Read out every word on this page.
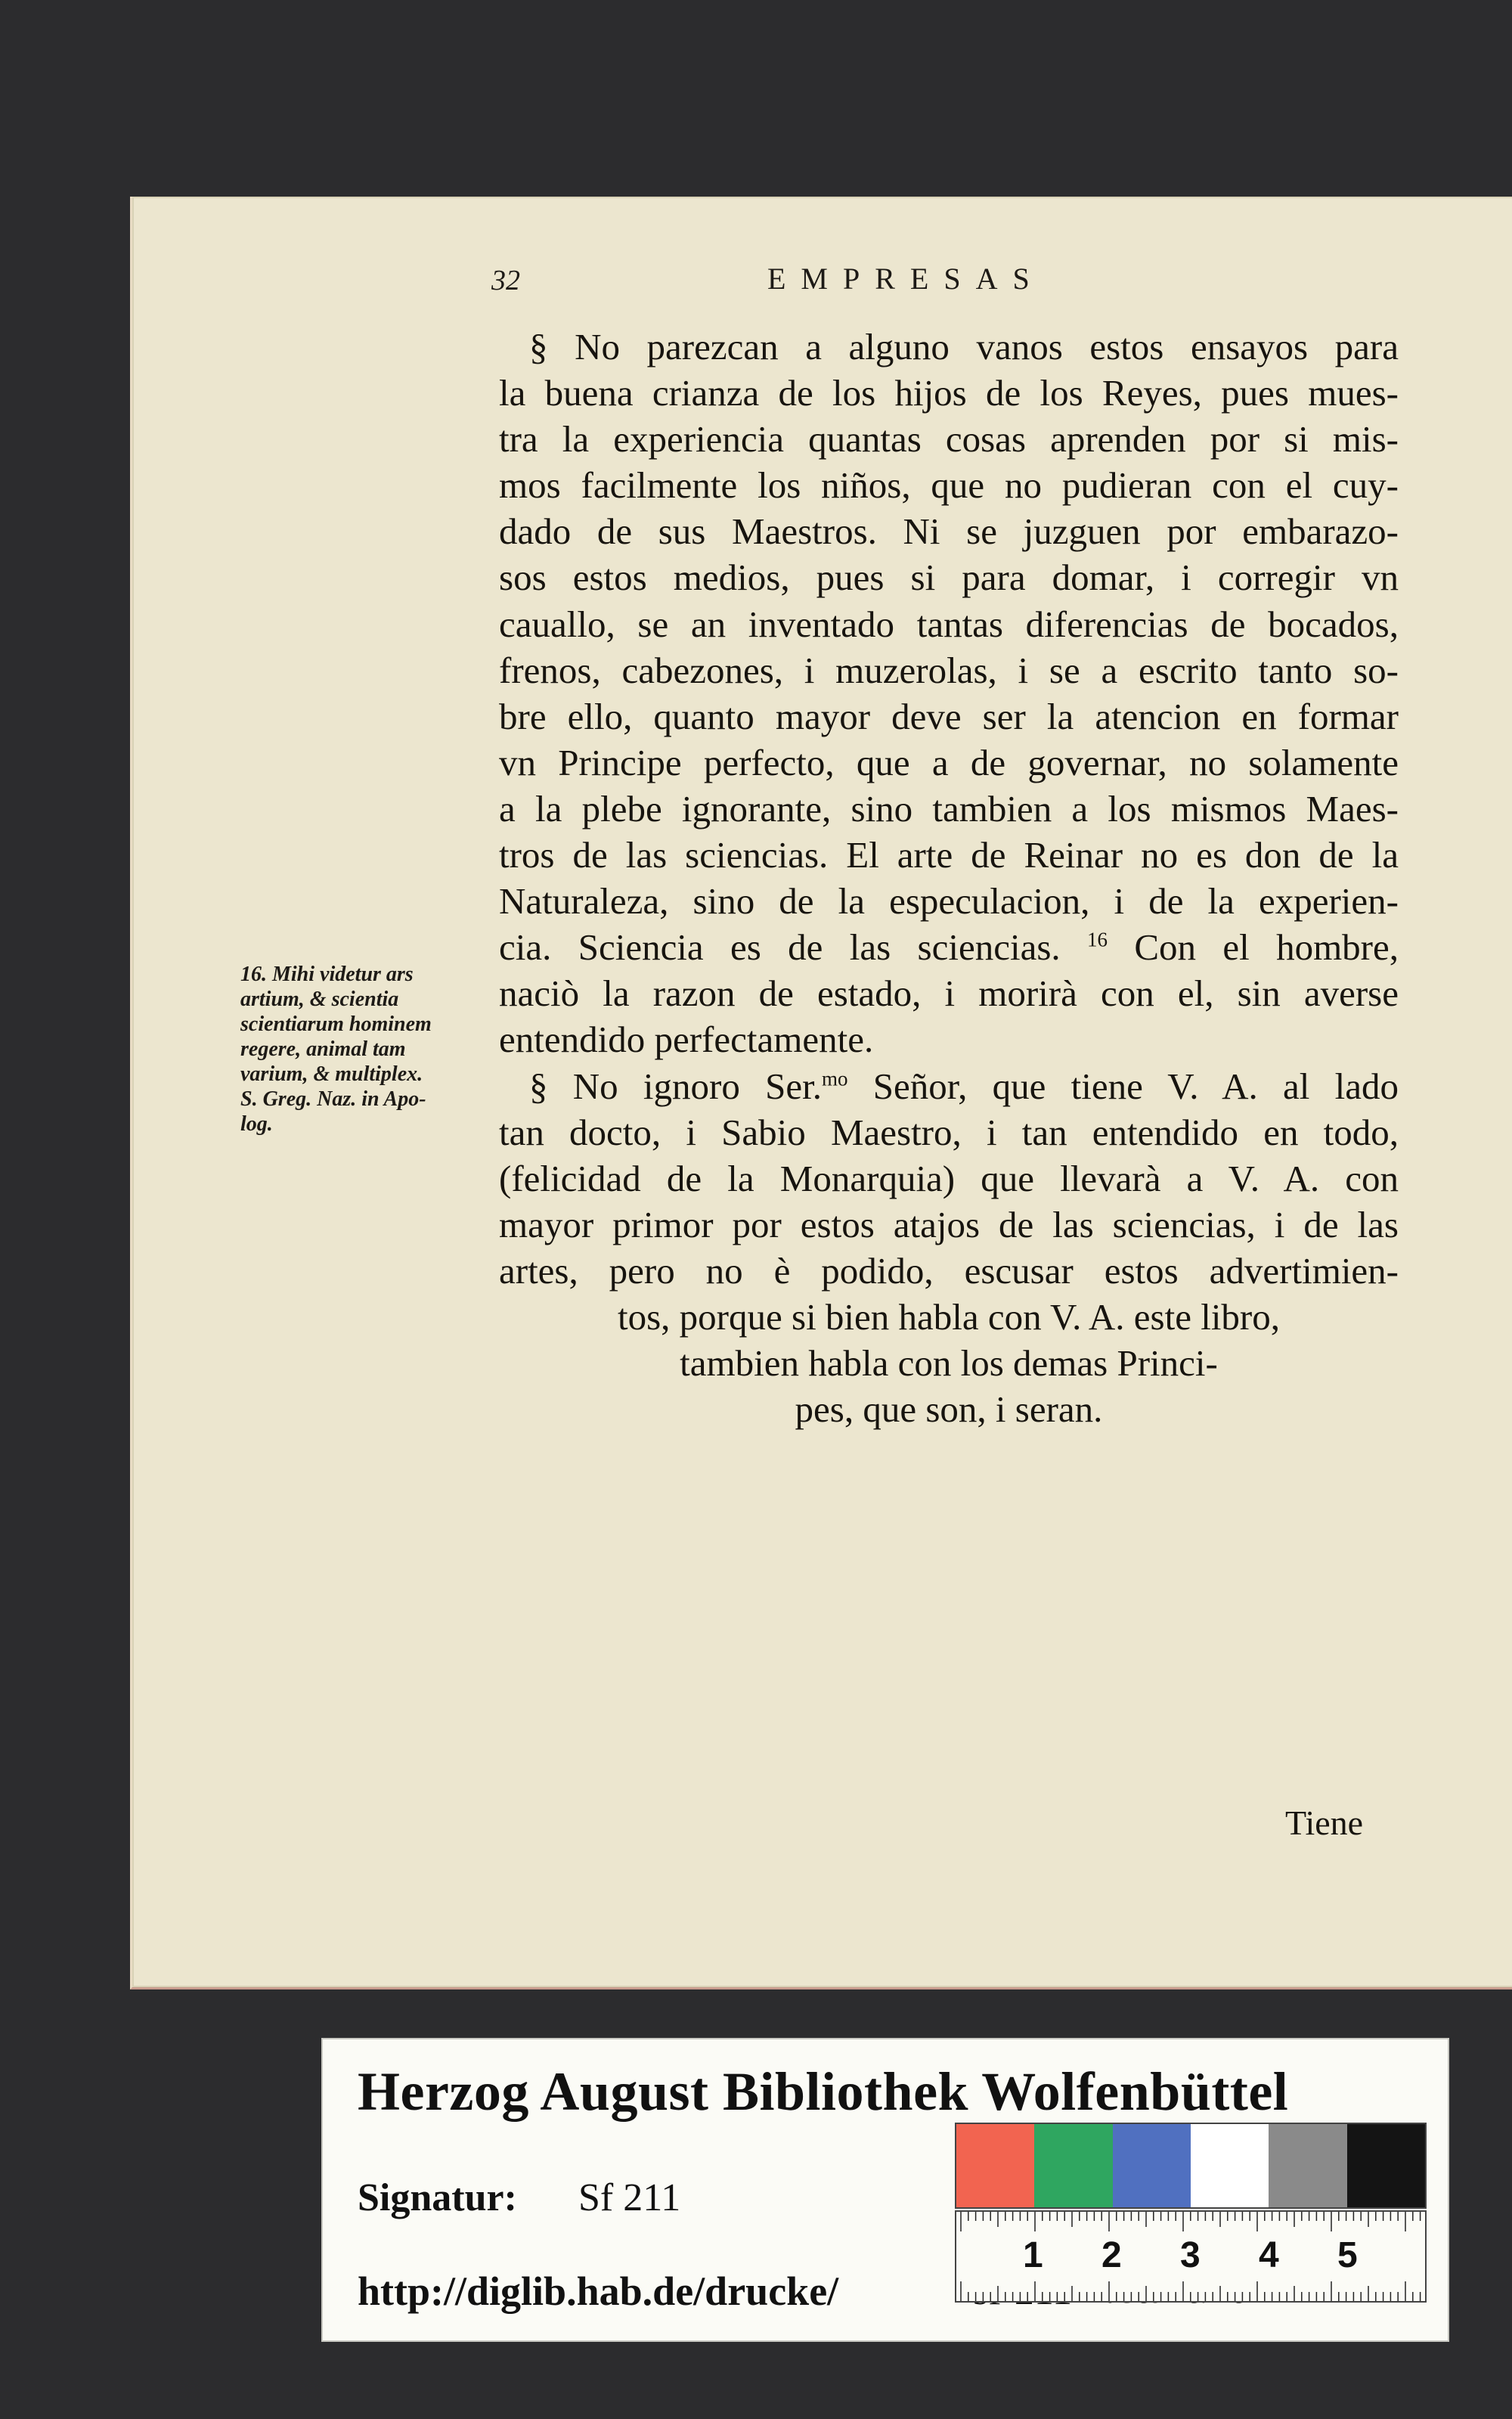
32	EMPRESAS
§ No parezcan a alguno vanos estos ensayos para
la buena crianza de los hijos de los Reyes, pues mues-
tra la experiencia quantas cosas aprenden por si mis-
mos facilmente los niños, que no pudieran con el cuy-
dado de sus Maestros. Ni se juzguen por embarazo-
sos estos medios, pues si para domar, i corregir vn
cauallo, se an inventado tantas diferencias de bocados,
frenos, cabezones, i muzerolas, i se a escrito tanto so-
bre ello, quanto mayor deve ser la atencion en formar
vn Principe perfecto, que a de governar, no solamente
a la plebe ignorante, sino tambien a los mismos Maes-
tros de las sciencias. El arte de Reinar no es don de la
Naturaleza, sino de la especulacion, i de la experien-
cia. Sciencia es de las sciencias. $^{16}$ Con el hombre,
naciò la razon de estado, i morirà con el, sin averse
entendido perfectamente.
§ No ignoro Ser.$^{mo}$ Señor, que tiene V. A. al lado
tan docto, i Sabio Maestro, i tan entendido en todo,
(felicidad de la Monarquia) que llevarà a V. A. con
mayor primor por estos atajos de las sciencias, i de las
artes, pero no è podido, escusar estos advertimien-
tos, porque si bien habla con V. A. este libro,
tambien habla con los demas Princi-
pes, que son, i seran.
16. Mihi videtur ars
artium, & scientia
scientiarum hominem
regere, animal tam
varium, & multiplex.
S. Greg. Naz. in Apo-
log.
Tiene
Herzog August Bibliothek Wolfenbüttel
Signatur: Sf 211
http://diglib.hab.de/drucke/
1 2 3 4 5
